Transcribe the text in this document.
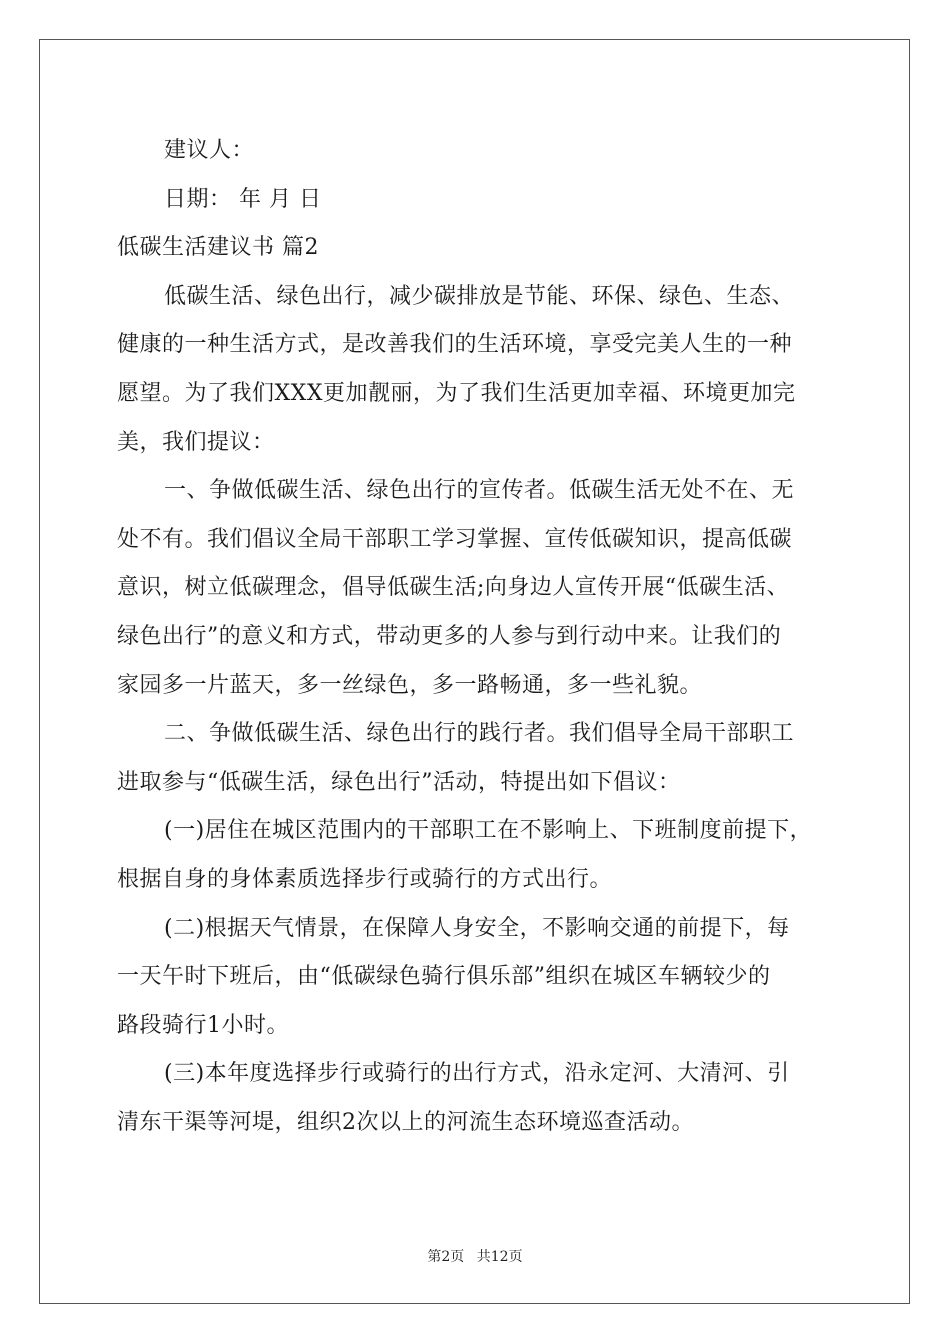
建议人：
日期： 年 月 日
低碳生活建议书 篇2
低碳生活、绿色出行，减少碳排放是节能、环保、绿色、生态、
健康的一种生活方式，是改善我们的生活环境，享受完美人生的一种
愿望。为了我们XXX更加靓丽，为了我们生活更加幸福、环境更加完
美，我们提议：
一、争做低碳生活、绿色出行的宣传者。低碳生活无处不在、无
处不有。我们倡议全局干部职工学习掌握、宣传低碳知识，提高低碳
意识，树立低碳理念，倡导低碳生活;向身边人宣传开展“低碳生活、
绿色出行”的意义和方式，带动更多的人参与到行动中来。让我们的
家园多一片蓝天，多一丝绿色，多一路畅通，多一些礼貌。
二、争做低碳生活、绿色出行的践行者。我们倡导全局干部职工
进取参与“低碳生活，绿色出行”活动，特提出如下倡议：
(一)居住在城区范围内的干部职工在不影响上、下班制度前提下，
根据自身的身体素质选择步行或骑行的方式出行。
(二)根据天气情景，在保障人身安全，不影响交通的前提下，每
一天午时下班后，由“低碳绿色骑行俱乐部”组织在城区车辆较少的
路段骑行1小时。
(三)本年度选择步行或骑行的出行方式，沿永定河、大清河、引
清东干渠等河堤，组织2次以上的河流生态环境巡查活动。
第2页 共12页
